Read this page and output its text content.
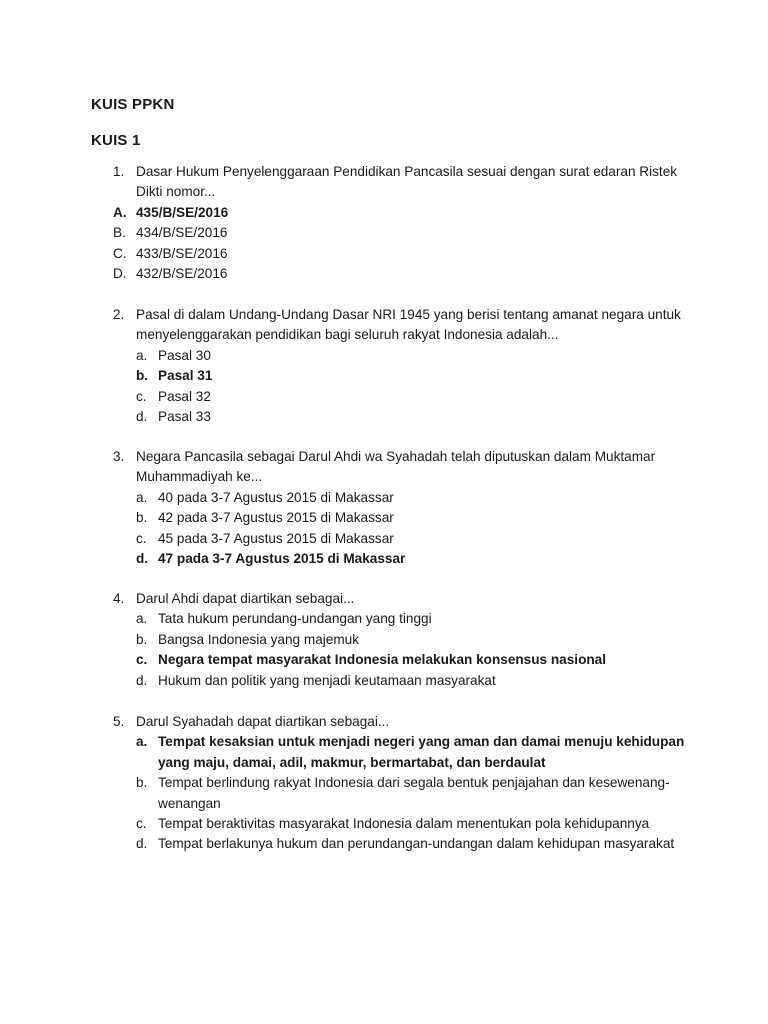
KUIS PPKN
KUIS 1
1. Dasar Hukum Penyelenggaraan Pendidikan Pancasila sesuai dengan surat edaran Ristek Dikti nomor...
A. 435/B/SE/2016
B. 434/B/SE/2016
C. 433/B/SE/2016
D. 432/B/SE/2016
2. Pasal di dalam Undang-Undang Dasar NRI 1945 yang berisi tentang amanat negara untuk menyelenggarakan pendidikan bagi seluruh rakyat Indonesia adalah...
a. Pasal 30
b. Pasal 31
c. Pasal 32
d. Pasal 33
3. Negara Pancasila sebagai Darul Ahdi wa Syahadah telah diputuskan dalam Muktamar Muhammadiyah ke...
a. 40 pada 3-7 Agustus 2015 di Makassar
b. 42 pada 3-7 Agustus 2015 di Makassar
c. 45 pada 3-7 Agustus 2015 di Makassar
d. 47 pada 3-7 Agustus 2015 di Makassar
4. Darul Ahdi dapat diartikan sebagai...
a. Tata hukum perundang-undangan yang tinggi
b. Bangsa Indonesia yang majemuk
c. Negara tempat masyarakat Indonesia melakukan konsensus nasional
d. Hukum dan politik yang menjadi keutamaan masyarakat
5. Darul Syahadah dapat diartikan sebagai...
a. Tempat kesaksian untuk menjadi negeri yang aman dan damai menuju kehidupan yang maju, damai, adil, makmur, bermartabat, dan berdaulat
b. Tempat berlindung rakyat Indonesia dari segala bentuk penjajahan dan kesewenang-wenangan
c. Tempat beraktivitas masyarakat Indonesia dalam menentukan pola kehidupannya
d. Tempat berlakunya hukum dan perundangan-undangan dalam kehidupan masyarakat
